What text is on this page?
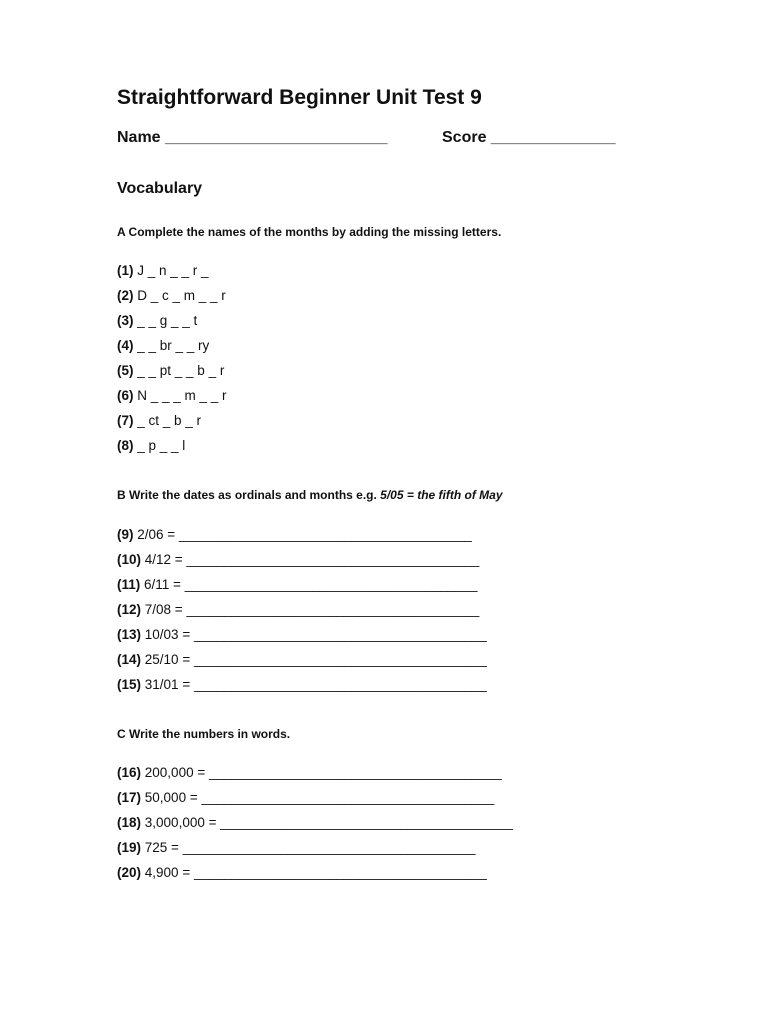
Straightforward Beginner Unit Test 9
Name _________________________	Score ______________
Vocabulary
A Complete the names of the months by adding the missing letters.
(1) J _ n _ _ r _
(2) D _ c _ m _ _ r
(3) _ _ g _ _ t
(4) _ _ br _ _ ry
(5) _ _ pt _ _ b _ r
(6) N _ _ _ m _ _ r
(7) _ ct _ b _ r
(8) _ p _ _ l
B Write the dates as ordinals and months e.g. 5/05 = the fifth of May
(9) 2/06 = _______________________________________
(10) 4/12 = _______________________________________
(11) 6/11 = _______________________________________
(12) 7/08 = _______________________________________
(13) 10/03 = _______________________________________
(14) 25/10 = _______________________________________
(15) 31/01 = _______________________________________
C Write the numbers in words.
(16) 200,000 = _______________________________________
(17) 50,000 = _______________________________________
(18) 3,000,000 = _______________________________________
(19) 725 = _______________________________________
(20) 4,900 = _______________________________________
